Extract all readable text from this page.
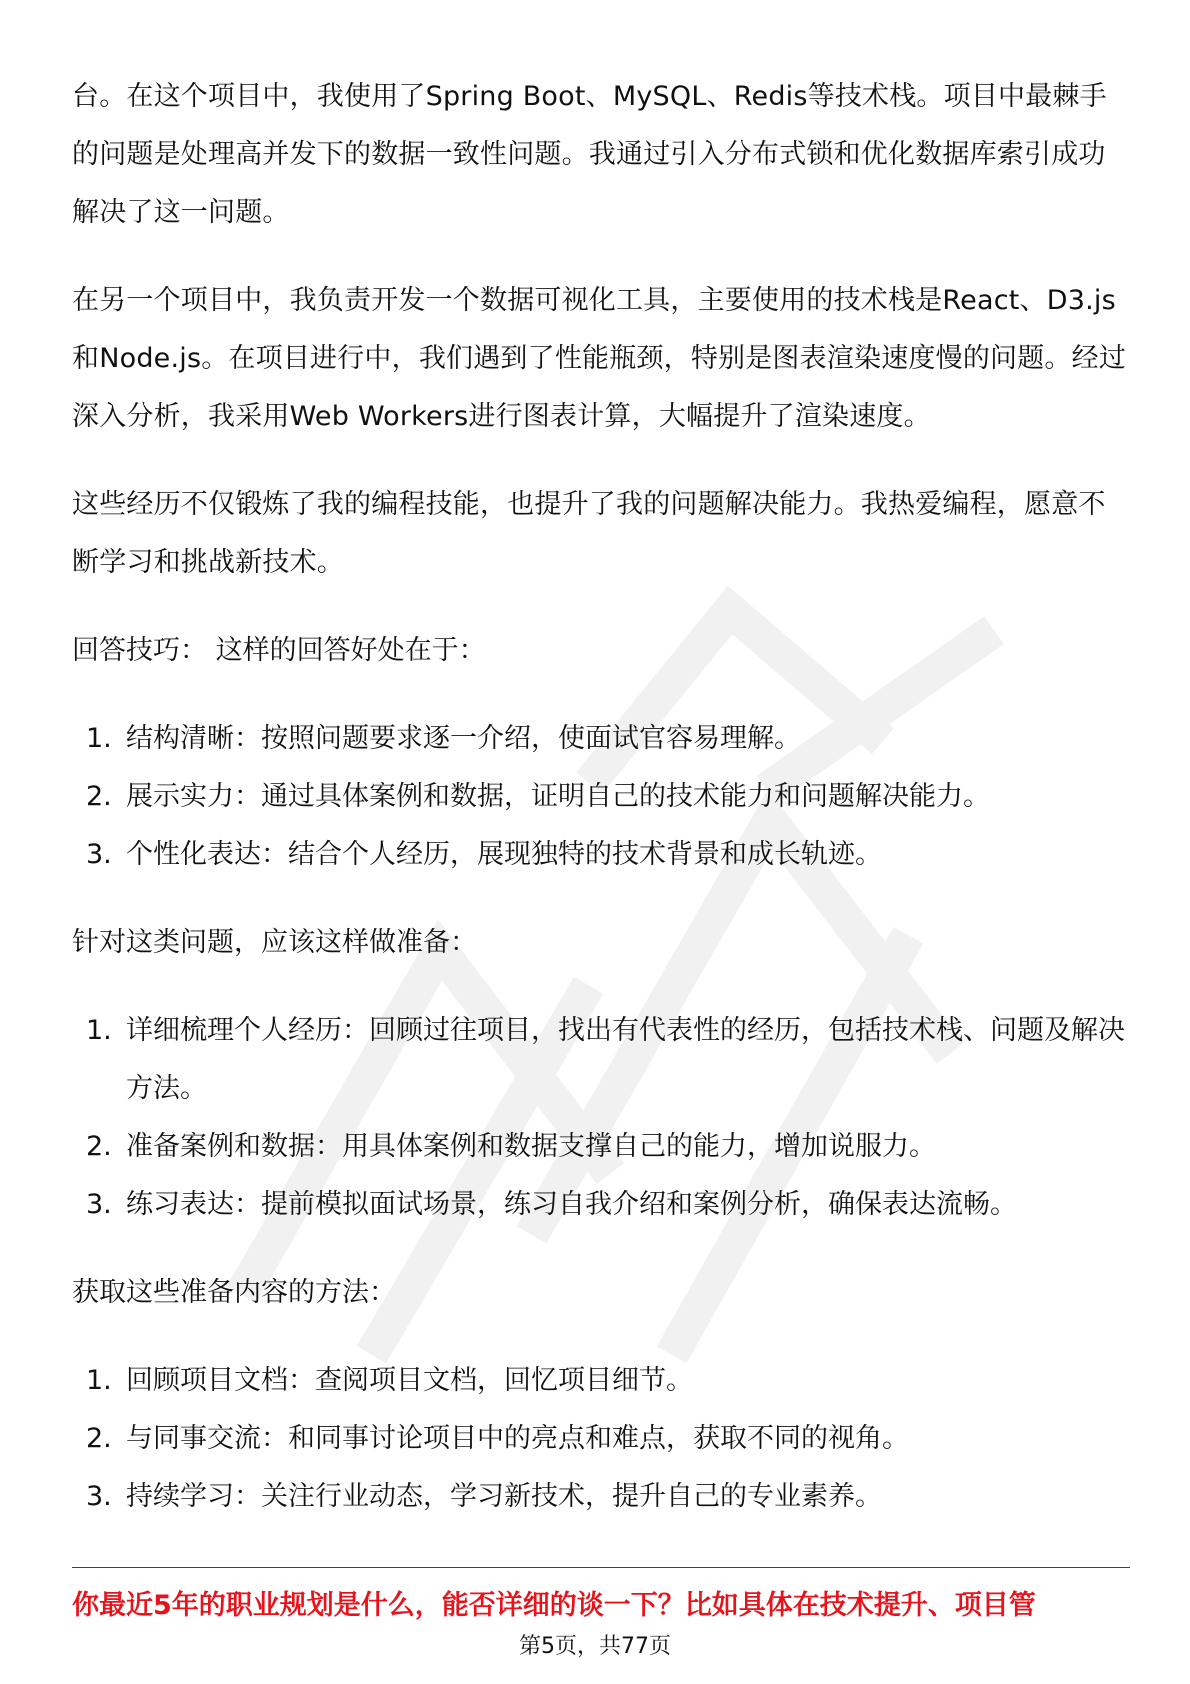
台。在这个项目中，我使用了Spring Boot、MySQL、Redis等技术栈。项目中最棘手的问题是处理高并发下的数据一致性问题。我通过引入分布式锁和优化数据库索引成功解决了这一问题。

在另一个项目中，我负责开发一个数据可视化工具，主要使用的技术栈是React、D3.js和Node.js。在项目进行中，我们遇到了性能瓶颈，特别是图表渲染速度慢的问题。经过深入分析，我采用Web Workers进行图表计算，大幅提升了渲染速度。

这些经历不仅锻炼了我的编程技能，也提升了我的问题解决能力。我热爱编程，愿意不断学习和挑战新技术。

回答技巧： 这样的回答好处在于：

1. 结构清晰：按照问题要求逐一介绍，使面试官容易理解。
2. 展示实力：通过具体案例和数据，证明自己的技术能力和问题解决能力。
3. 个性化表达：结合个人经历，展现独特的技术背景和成长轨迹。

针对这类问题，应该这样做准备：

1. 详细梳理个人经历：回顾过往项目，找出有代表性的经历，包括技术栈、问题及解决方法。
2. 准备案例和数据：用具体案例和数据支撑自己的能力，增加说服力。
3. 练习表达：提前模拟面试场景，练习自我介绍和案例分析，确保表达流畅。

获取这些准备内容的方法：

1. 回顾项目文档：查阅项目文档，回忆项目细节。
2. 与同事交流：和同事讨论项目中的亮点和难点，获取不同的视角。
3. 持续学习：关注行业动态，学习新技术，提升自己的专业素养。
你最近5年的职业规划是什么，能否详细的谈一下？比如具体在技术提升、项目管
第5页，共77页
